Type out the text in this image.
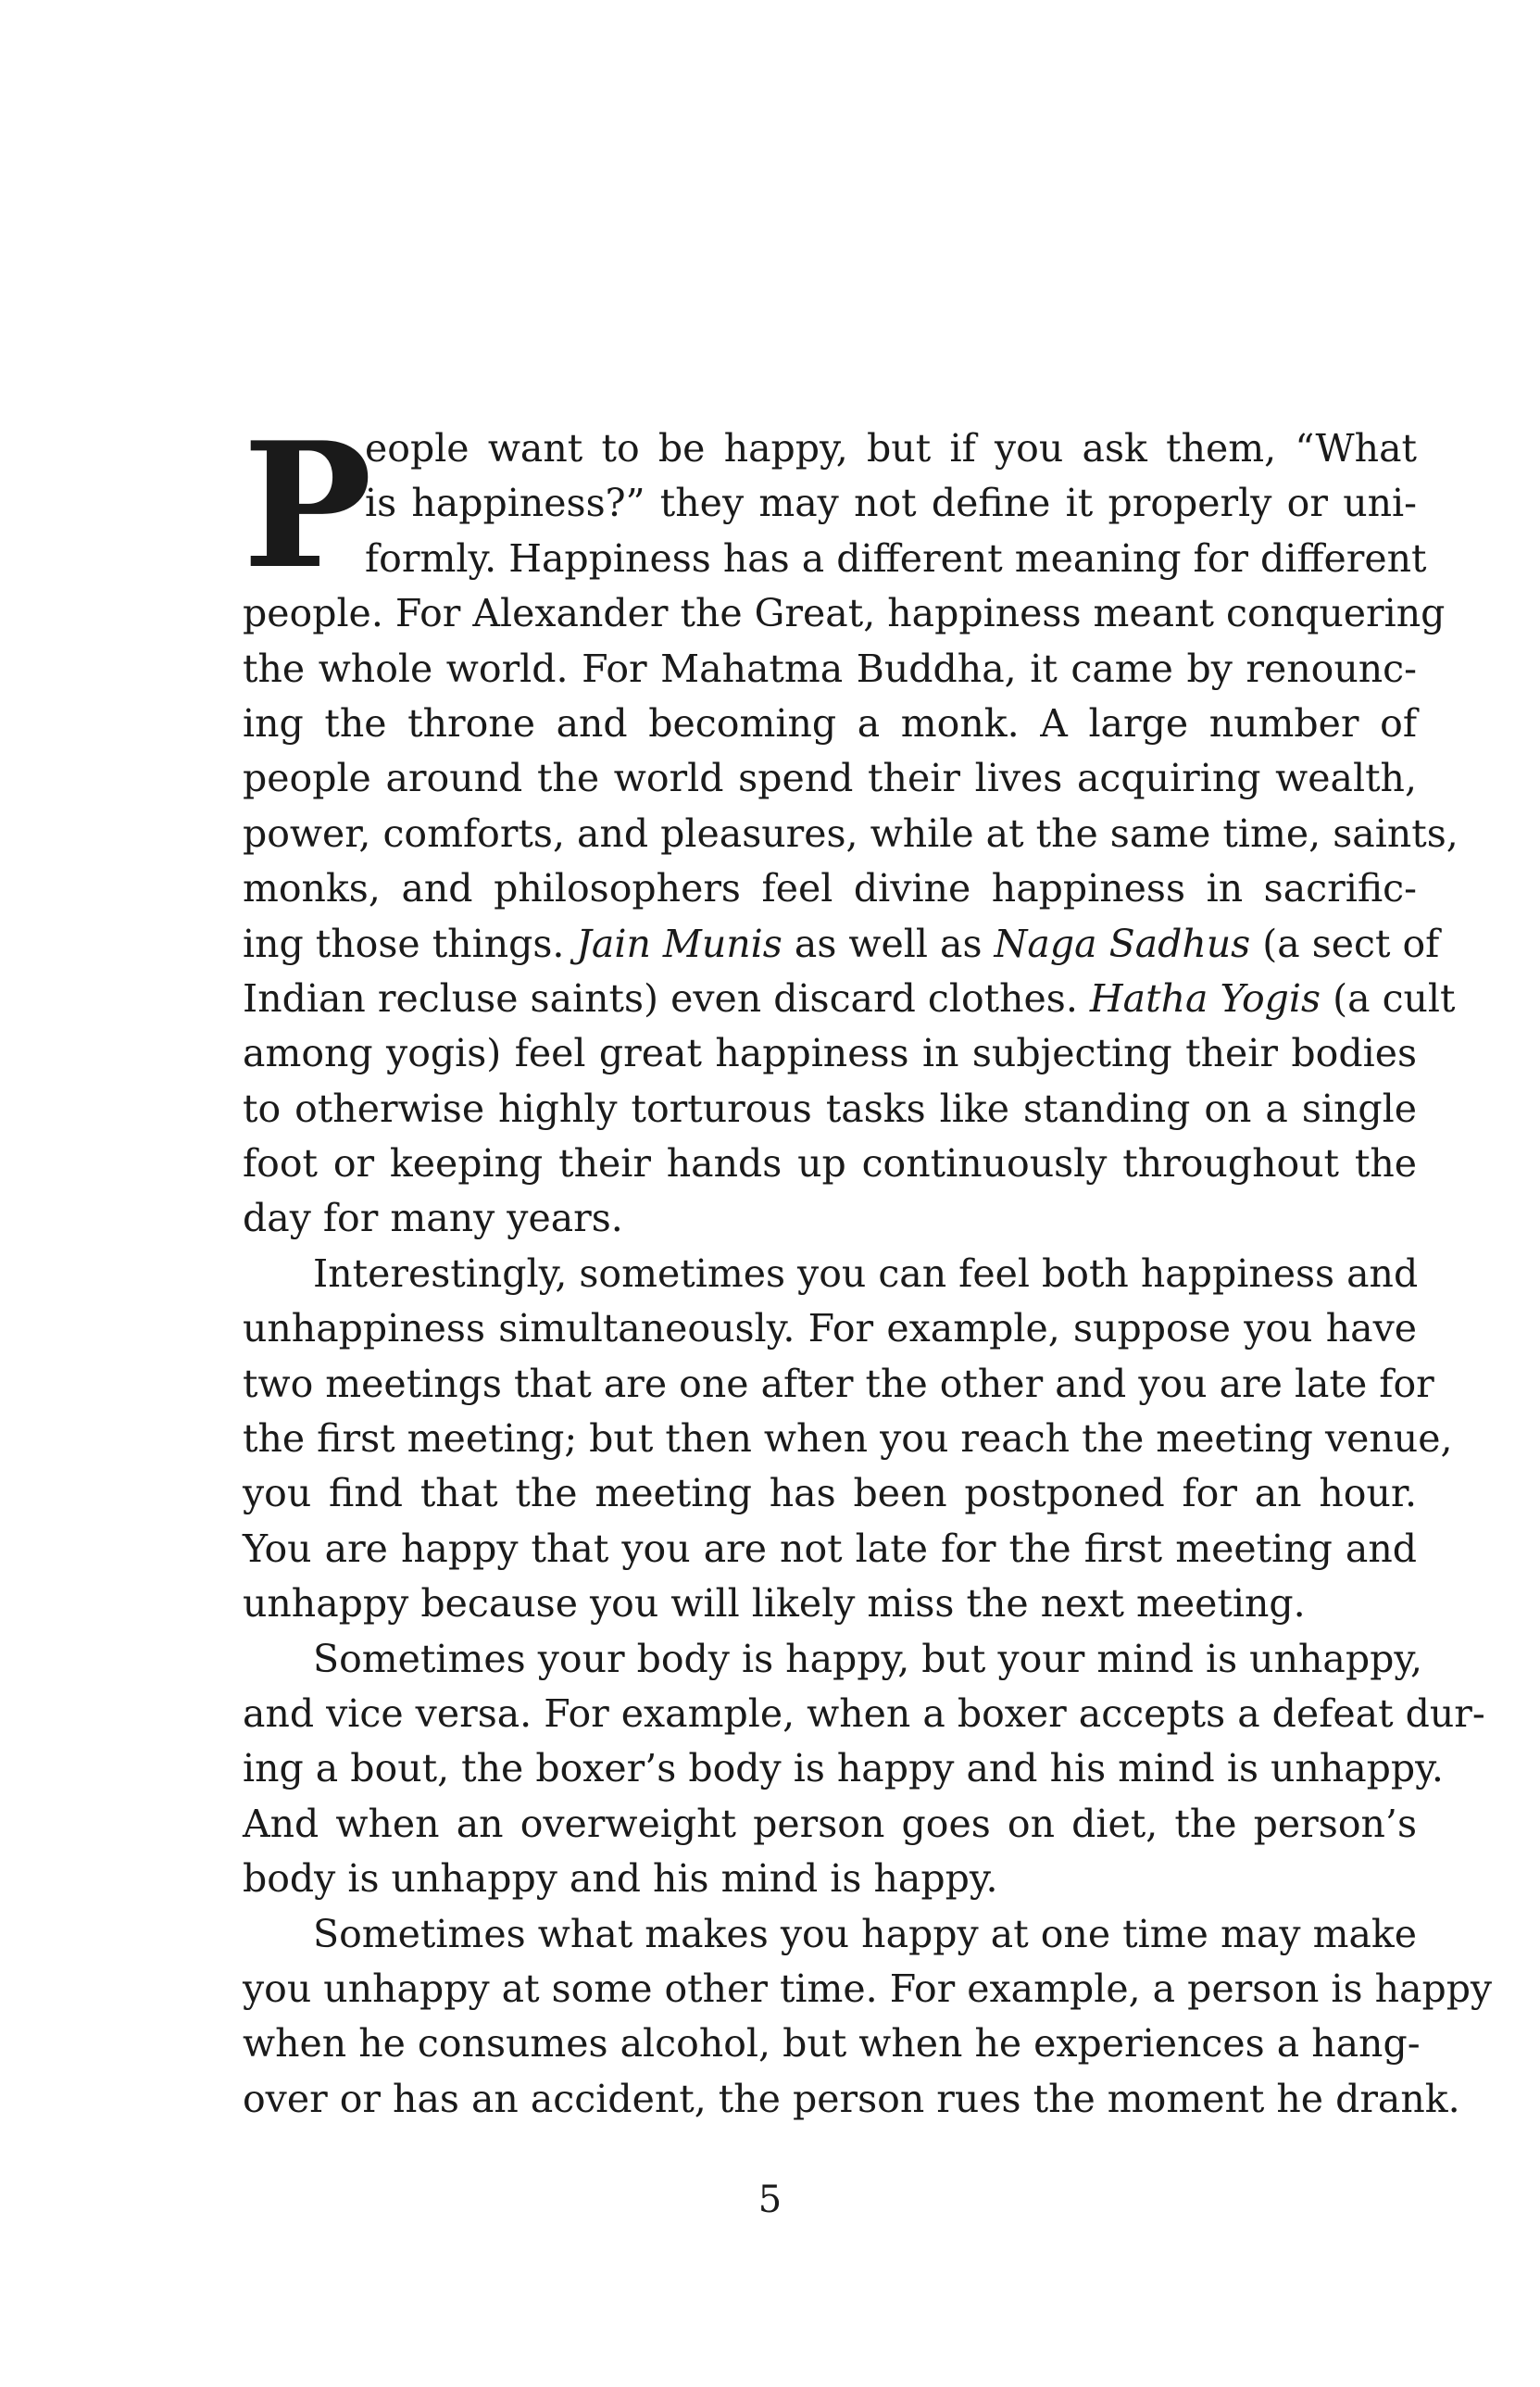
P
eople want to be happy, but if you ask them, “What
is happiness?” they may not define it properly or uni-
formly. Happiness has a different meaning for different
people. For Alexander the Great, happiness meant conquering
the whole world. For Mahatma Buddha, it came by renounc-
ing the throne and becoming a monk. A large number of
people around the world spend their lives acquiring wealth,
power, comforts, and pleasures, while at the same time, saints,
monks, and philosophers feel divine happiness in sacrific-
ing those things. Jain Munis as well as Naga Sadhus (a sect of
Indian recluse saints) even discard clothes. Hatha Yogis (a cult
among yogis) feel great happiness in subjecting their bodies
to otherwise highly torturous tasks like standing on a single
foot or keeping their hands up continuously throughout the
day for many years.
Interestingly, sometimes you can feel both happiness and
unhappiness simultaneously. For example, suppose you have
two meetings that are one after the other and you are late for
the first meeting; but then when you reach the meeting venue,
you find that the meeting has been postponed for an hour.
You are happy that you are not late for the first meeting and
unhappy because you will likely miss the next meeting.
Sometimes your body is happy, but your mind is unhappy,
and vice versa. For example, when a boxer accepts a defeat dur-
ing a bout, the boxer’s body is happy and his mind is unhappy.
And when an overweight person goes on diet, the person’s
body is unhappy and his mind is happy.
Sometimes what makes you happy at one time may make
you unhappy at some other time. For example, a person is happy
when he consumes alcohol, but when he experiences a hang-
over or has an accident, the person rues the moment he drank.
5
